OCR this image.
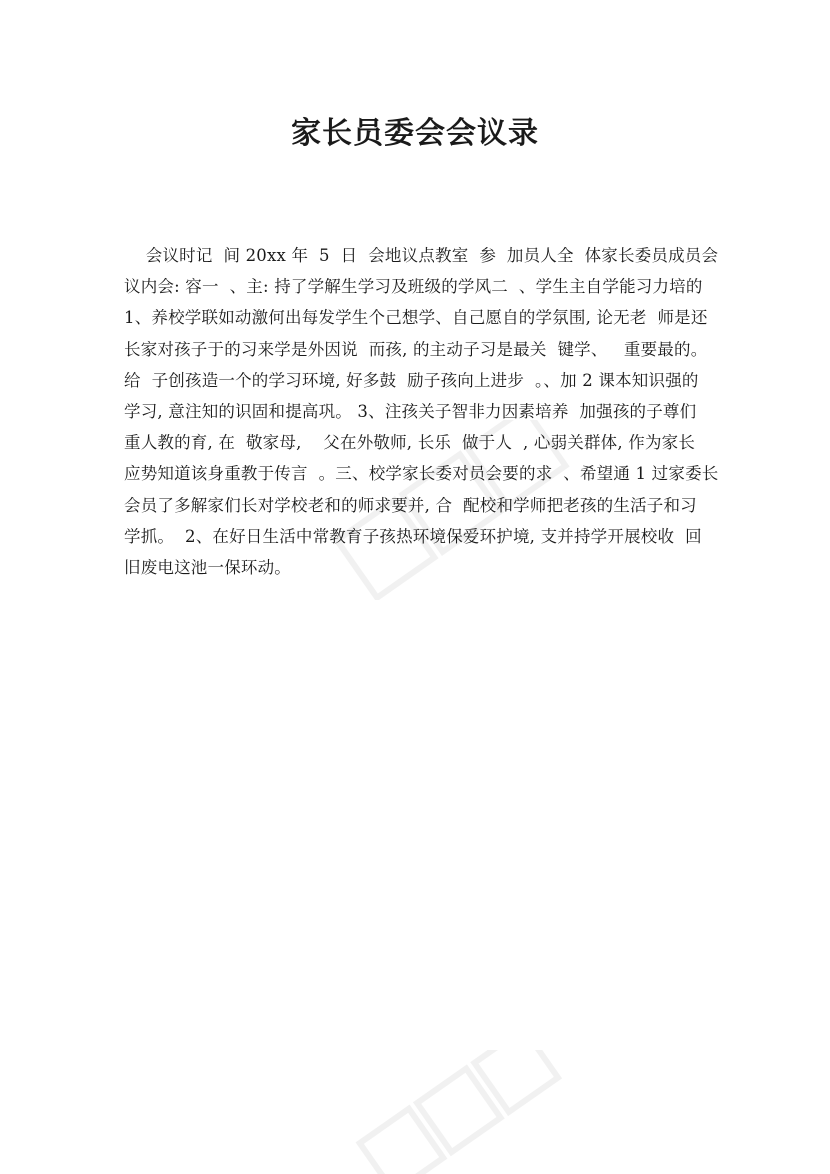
家长员委会会议录
会议时记  间 20xx 年  5  日  会地议点教室  参  加员人全  体家长委员成员会
议内会: 容一  、主: 持了学解生学习及班级的学风二  、学生主自学能习力培的
1、养校学联如动激何出每发学生个己想学、自己愿自的学氛围, 论无老  师是还
长家对孩子于的习来学是外因说  而孩, 的主动子习是最关  键学、   重要最的。
给  子创孩造一个的学习环境, 好多鼓  励子孩向上进步  。、加 2 课本知识强的
学习, 意注知的识固和提高巩。 3、注孩关子智非力因素培养  加强孩的子尊们
重人教的育, 在  敬家母,    父在外敬师, 长乐  做于人  , 心弱关群体, 作为家长
应势知道该身重教于传言  。三、校学家长委对员会要的求  、希望通 1 过家委长
会员了多解家们长对学校老和的师求要并, 合  配校和学师把老孩的生活子和习
学抓。  2、在好日生活中常教育子孩热环境保爱环护境, 支并持学开展校收  回
旧废电这池一保环动。
